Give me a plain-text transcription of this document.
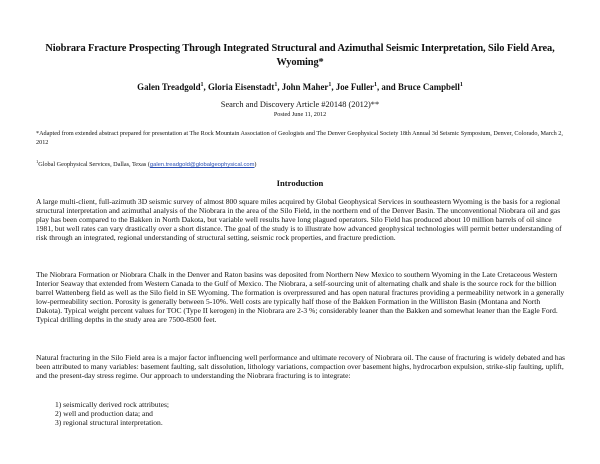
Niobrara Fracture Prospecting Through Integrated Structural and Azimuthal Seismic Interpretation, Silo Field Area, Wyoming*
Galen Treadgold$^1$, Gloria Eisenstadt$^1$, John Maher$^1$, Joe Fuller$^1$, and Bruce Campbell$^1$
Search and Discovery Article #20148 (2012)**
Posted June 11, 2012
*Adapted from extended abstract prepared for presentation at The Rock Mountain Association of Geologists and The Denver Geophysical Society 18th Annual 3d Seismic Symposium, Denver, Colorado, March 2, 2012
$^1$Global Geophysical Services, Dallas, Texas (galen.treadgold@globalgeophysical.com)
Introduction
A large multi-client, full-azimuth 3D seismic survey of almost 800 square miles acquired by Global Geophysical Services in southeastern Wyoming is the basis for a regional structural interpretation and azimuthal analysis of the Niobrara in the area of the Silo Field, in the northern end of the Denver Basin. The unconventional Niobrara oil and gas play has been compared to the Bakken in North Dakota, but variable well results have long plagued operators. Silo Field has produced about 10 million barrels of oil since 1981, but well rates can vary drastically over a short distance. The goal of the study is to illustrate how advanced geophysical technologies will permit better understanding of risk through an integrated, regional understanding of structural setting, seismic rock properties, and fracture prediction.
The Niobrara Formation or Niobrara Chalk in the Denver and Raton basins was deposited from Northern New Mexico to southern Wyoming in the Late Cretaceous Western Interior Seaway that extended from Western Canada to the Gulf of Mexico. The Niobrara, a self-sourcing unit of alternating chalk and shale is the source rock for the billion barrel Wattenberg field as well as the Silo field in SE Wyoming. The formation is overpressured and has open natural fractures providing a permeability network in a generally low-permeability section. Porosity is generally between 5-10%. Well costs are typically half those of the Bakken Formation in the Williston Basin (Montana and North Dakota). Typical weight percent values for TOC (Type II kerogen) in the Niobrara are 2-3 %; considerably leaner than the Bakken and somewhat leaner than the Eagle Ford. Typical drilling depths in the study area are 7500-8500 feet.
Natural fracturing in the Silo Field area is a major factor influencing well performance and ultimate recovery of Niobrara oil. The cause of fracturing is widely debated and has been attributed to many variables: basement faulting, salt dissolution, lithology variations, compaction over basement highs, hydrocarbon expulsion, strike-slip faulting, uplift, and the present-day stress regime. Our approach to understanding the Niobrara fracturing is to integrate:
1) seismically derived rock attributes;
2) well and production data; and
3) regional structural interpretation.
